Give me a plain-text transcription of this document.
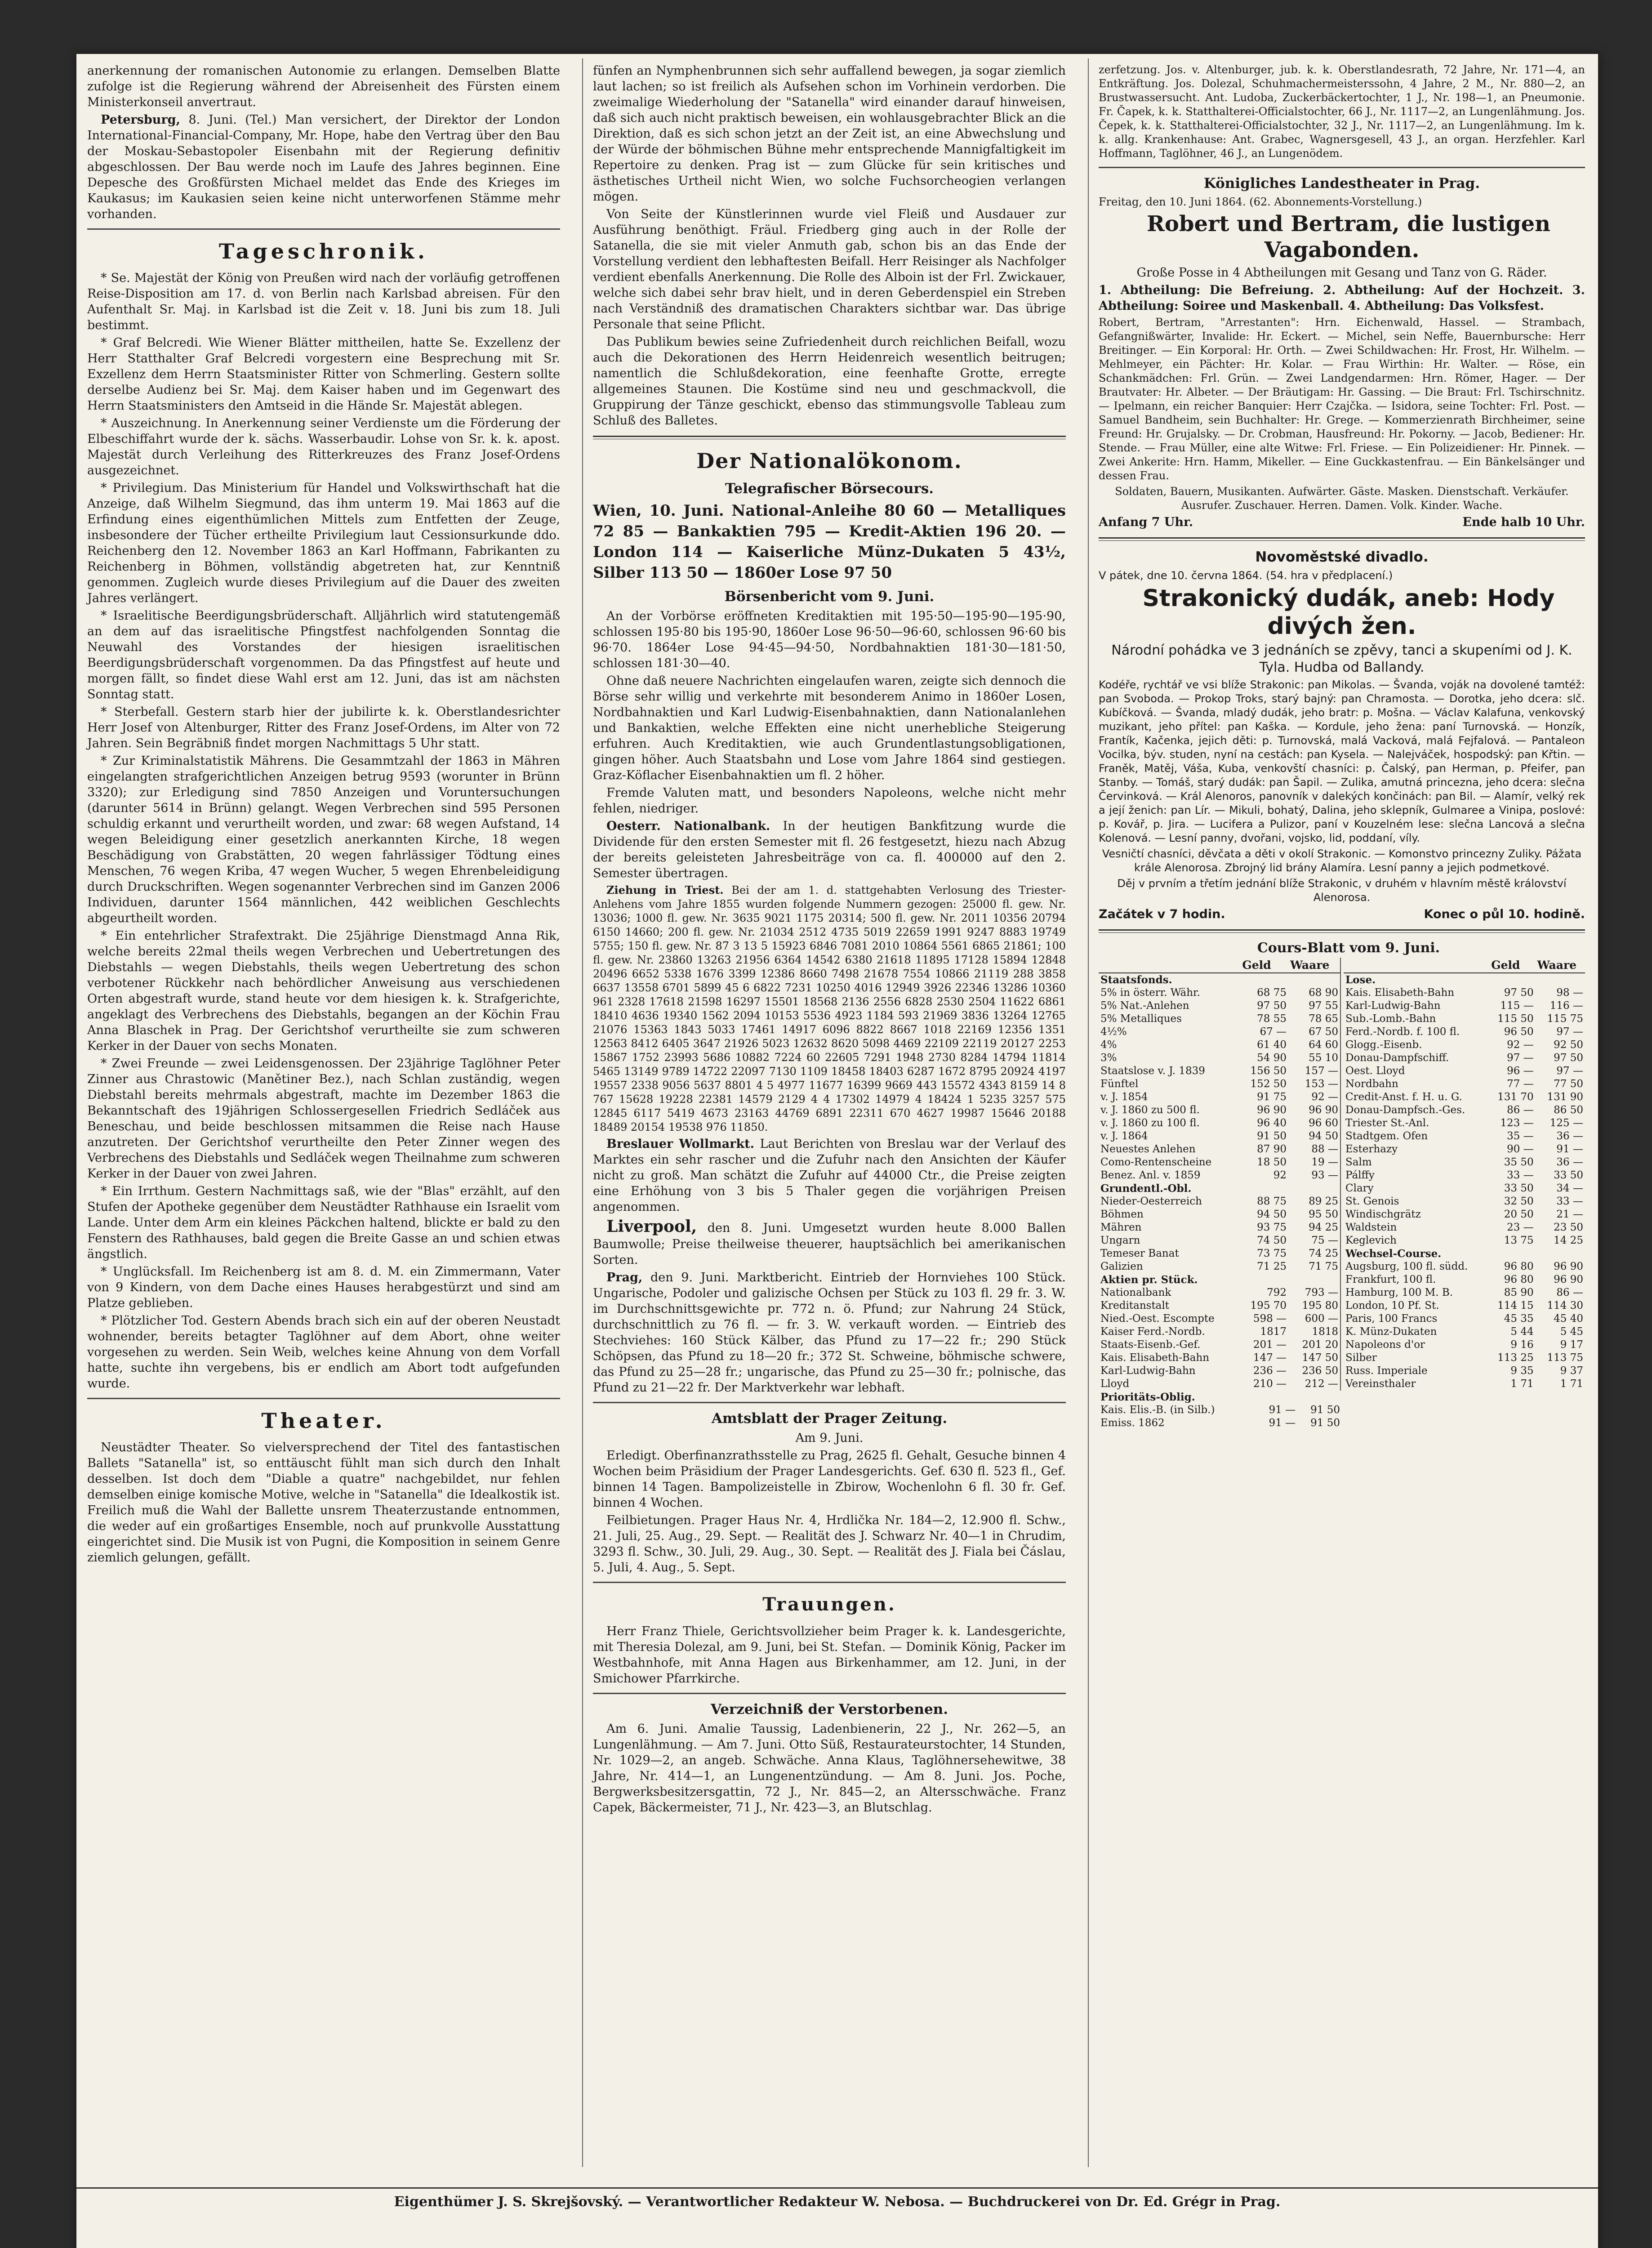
anerkennung der romanischen Autonomie zu erlangen. Demselben Blatte zufolge ist die Regierung während der Abreisenheit des Fürsten einem Ministerkonseil anvertraut.

Petersburg, 8. Juni. (Tel.) Man versichert, der Direktor der London International-Financial-Company, Mr. Hope, habe den Vertrag über den Bau der Moskau-Sebastopoler Eisenbahn mit der Regierung definitiv abgeschlossen. Der Bau werde noch im Laufe des Jahres beginnen. Eine Depesche des Großfürsten Michael meldet das Ende des Krieges im Kaukasus; im Kaukasien seien keine nicht unterworfenen Stämme mehr vorhanden.

Tageschronik.

* Se. Majestät der König von Preußen wird nach der vorläufig getroffenen Reise-Disposition am 17. d. von Berlin nach Karlsbad abreisen. Für den Aufenthalt Sr. Maj. in Karlsbad ist die Zeit v. 18. Juni bis zum 18. Juli bestimmt.

* Graf Belcredi. Wie Wiener Blätter mittheilen, hatte Se. Exzellenz der Herr Statthalter Graf Belcredi vorgestern eine Besprechung mit Sr. Exzellenz dem Herrn Staatsminister Ritter von Schmerling. Gestern sollte derselbe Audienz bei Sr. Maj. dem Kaiser haben und im Gegenwart des Herrn Staatsministers den Amtseid in die Hände Sr. Majestät ablegen.

* Auszeichnung. In Anerkennung seiner Verdienste um die Förderung der Elbeschiffahrt wurde der k. sächs. Wasserbaudir. Lohse von Sr. k. k. apost. Majestät durch Verleihung des Ritterkreuzes des Franz Josef-Ordens ausgezeichnet.

* Privilegium. Das Ministerium für Handel und Volkswirthschaft hat die Anzeige, daß Wilhelm Siegmund, das ihm unterm 19. Mai 1863 auf die Erfindung eines eigenthümlichen Mittels zum Entfetten der Zeuge, insbesondere der Tücher ertheilte Privilegium laut Cessionsurkunde ddo. Reichenberg den 12. November 1863 an Karl Hoffmann, Fabrikanten zu Reichenberg in Böhmen, vollständig abgetreten hat, zur Kenntniß genommen. Zugleich wurde dieses Privilegium auf die Dauer des zweiten Jahres verlängert.

* Israelitische Beerdigungsbrüderschaft. Alljährlich wird statutengemäß an dem auf das israelitische Pfingstfest nachfolgenden Sonntag die Neuwahl des Vorstandes der hiesigen israelitischen Beerdigungsbrüderschaft vorgenommen. Da das Pfingstfest auf heute und morgen fällt, so findet diese Wahl erst am 12. Juni, das ist am nächsten Sonntag statt.

* Sterbefall. Gestern starb hier der jubilirte k. k. Oberstlandesrichter Herr Josef von Altenburger, Ritter des Franz Josef-Ordens, im Alter von 72 Jahren. Sein Begräbniß findet morgen Nachmittags 5 Uhr statt.

* Zur Kriminalstatistik Mährens. Die Gesammtzahl der 1863 in Mähren eingelangten strafgerichtlichen Anzeigen betrug 9593 (worunter in Brünn 3320); zur Erledigung sind 7850 Anzeigen und Voruntersuchungen (darunter 5614 in Brünn) gelangt. Wegen Verbrechen sind 595 Personen schuldig erkannt und verurtheilt worden, und zwar: 68 wegen Aufstand, 14 wegen Beleidigung einer gesetzlich anerkannten Kirche, 18 wegen Beschädigung von Grabstätten, 20 wegen fahrlässiger Tödtung eines Menschen, 76 wegen Kriba, 47 wegen Wucher, 5 wegen Ehrenbeleidigung durch Druckschriften. Wegen sogenannter Verbrechen sind im Ganzen 2006 Individuen, darunter 1564 männlichen, 442 weiblichen Geschlechts abgeurtheilt worden.

* Ein entehrlicher Strafextrakt. Die 25jährige Dienstmagd Anna Rik, welche bereits 22mal theils wegen Verbrechen und Uebertretungen des Diebstahls — wegen Diebstahls, theils wegen Uebertretung des schon verbotener Rückkehr nach behördlicher Anweisung aus verschiedenen Orten abgestraft wurde, stand heute vor dem hiesigen k. k. Strafgerichte, angeklagt des Verbrechens des Diebstahls, begangen an der Köchin Frau Anna Blaschek in Prag. Der Gerichtshof verurtheilte sie zum schweren Kerker in der Dauer von sechs Monaten.

* Zwei Freunde — zwei Leidensgenossen. Der 23jährige Taglöhner Peter Zinner aus Chrastowic (Manětiner Bez.), nach Schlan zuständig, wegen Diebstahl bereits mehrmals abgestraft, machte im Dezember 1863 die Bekanntschaft des 19jährigen Schlossergesellen Friedrich Sedláček aus Beneschau, und beide beschlossen mitsammen die Reise nach Hause anzutreten. Der Gerichtshof verurtheilte den Peter Zinner wegen des Verbrechens des Diebstahls und Sedláček wegen Theilnahme zum schweren Kerker in der Dauer von zwei Jahren.

* Ein Irrthum. Gestern Nachmittags saß, wie der "Blas" erzählt, auf den Stufen der Apotheke gegenüber dem Neustädter Rathhause ein Israelit vom Lande. Unter dem Arm ein kleines Päckchen haltend, blickte er bald zu den Fenstern des Rathhauses, bald gegen die Breite Gasse an und schien etwas ängstlich.

* Unglücksfall. Im Reichenberg ist am 8. d. M. ein Zimmermann, Vater von 9 Kindern, von dem Dache eines Hauses herabgestürzt und sind am Platze geblieben.

* Plötzlicher Tod. Gestern Abends brach sich ein auf der oberen Neustadt wohnender, bereits betagter Taglöhner auf dem Abort, ohne weiter vorgesehen zu werden. Sein Weib, welches keine Ahnung von dem Vorfall hatte, suchte ihn vergebens, bis er endlich am Abort todt aufgefunden wurde.

Theater.

Neustädter Theater. So vielversprechend der Titel des fantastischen Ballets "Satanella" ist, so enttäuscht fühlt man sich durch den Inhalt desselben. Ist doch dem "Diable a quatre" nachgebildet, nur fehlen demselben einige komische Motive, welche in "Satanella" die Idealkostik ist. Freilich muß die Wahl der Ballette unsrem Theaterzustande entnommen, die weder auf ein großartiges Ensemble, noch auf prunkvolle Ausstattung eingerichtet sind. Die Musik ist von Pugni, die Komposition in seinem Genre ziemlich gelungen, gefällt.

fünfen an Nymphenbrunnen sich sehr auffallend bewegen, ja sogar ziemlich laut lachen; so ist freilich als Aufsehen schon im Vorhinein verdorben. Die zweimalige Wiederholung der "Satanella" wird einander darauf hinweisen, daß sich auch nicht praktisch beweisen, ein wohlausgebrachter Blick an die Direktion, daß es sich schon jetzt an der Zeit ist, an eine Abwechslung und der Würde der böhmischen Bühne mehr entsprechende Mannigfaltigkeit im Repertoire zu denken. Prag ist — zum Glücke für sein kritisches und ästhetisches Urtheil nicht Wien, wo solche Fuchsorcheogien verlangen mögen.

Von Seite der Künstlerinnen wurde viel Fleiß und Ausdauer zur Ausführung benöthigt. Fräul. Friedberg ging auch in der Rolle der Satanella, die sie mit vieler Anmuth gab, schon bis an das Ende der Vorstellung verdient den lebhaftesten Beifall. Herr Reisinger als Nachfolger verdient ebenfalls Anerkennung. Die Rolle des Alboin ist der Frl. Zwickauer, welche sich dabei sehr brav hielt, und in deren Geberdenspiel ein Streben nach Verständniß des dramatischen Charakters sichtbar war. Das übrige Personale that seine Pflicht.

Das Publikum bewies seine Zufriedenheit durch reichlichen Beifall, wozu auch die Dekorationen des Herrn Heidenreich wesentlich beitrugen; namentlich die Schlußdekoration, eine feenhafte Grotte, erregte allgemeines Staunen. Die Kostüme sind neu und geschmackvoll, die Gruppirung der Tänze geschickt, ebenso das stimmungsvolle Tableau zum Schluß des Balletes.

Der Nationalökonom.
Telegrafischer Börsecours.

Wien, 10. Juni. National-Anleihe 80 60 — Metalliques 72 85 — Bankaktien 795 — Kredit-Aktien 196 20. — London 114 — Kaiserliche Münz-Dukaten 5 43½, Silber 113 50 — 1860er Lose 97 50

Börsenbericht vom 9. Juni.

An der Vorbörse eröffneten Kreditaktien mit 195·50—195·90—195·90, schlossen 195·80 bis 195·90, 1860er Lose 96·50—96·60, schlossen 96·60 bis 96·70. 1864er Lose 94·45—94·50, Nordbahnaktien 181·30—181·50, schlossen 181·30—40.

Ohne daß neuere Nachrichten eingelaufen waren, zeigte sich dennoch die Börse sehr willig und verkehrte mit besonderem Animo in 1860er Losen, Nordbahnaktien und Karl Ludwig-Eisenbahnaktien, dann Nationalanlehen und Bankaktien, welche Effekten eine nicht unerhebliche Steigerung erfuhren. Auch Kreditaktien, wie auch Grundentlastungsobligationen, gingen höher. Auch Staatsbahn und Lose vom Jahre 1864 sind gestiegen. Graz-Köflacher Eisenbahnaktien um fl. 2 höher.

Fremde Valuten matt, und besonders Napoleons, welche nicht mehr fehlen, niedriger.

Oesterr. Nationalbank. In der heutigen Bankfitzung wurde die Dividende für den ersten Semester mit fl. 26 festgesetzt, hiezu nach Abzug der bereits geleisteten Jahresbeiträge von ca. fl. 400000 auf den 2. Semester übertragen.

Ziehung in Triest. Bei der am 1. d. stattgehabten Verlosung des Triester-Anlehens vom Jahre 1855 wurden folgende Nummern gezogen: 25000 fl. gew. Nr. 13036; 1000 fl. gew. Nr. 3635 9021 1175 20314; 500 fl. gew. Nr. 2011 10356 20794 6150 14660; 200 fl. gew. Nr. 21034 2512 4735 5019 22659 1991 9247 8883 19749 5755; 150 fl. gew. Nr. 87 3 13 5 15923 6846 7081 2010 10864 5561 6865 21861; 100 fl. gew. Nr. 23860 13263 21956 6364 14542 6380 21618 11895 17128 15894 12848 20496 6652 5338 1676 3399 12386 8660 7498 21678 7554 10866 21119 288 3858 6637 13558 6701 5899 45 6 6822 7231 10250 4016 12949 3926 22346 13286 10360 961 2328 17618 21598 16297 15501 18568 2136 2556 6828 2530 2504 11622 6861 18410 4636 19340 1562 2094 10153 5536 4923 1184 593 21969 3836 13264 12765 21076 15363 1843 5033 17461 14917 6096 8822 8667 1018 22169 12356 1351 12563 8412 6405 3647 21926 5023 12632 8620 5098 4469 22109 22119 20127 2253 15867 1752 23993 5686 10882 7224 60 22605 7291 1948 2730 8284 14794 11814 5465 13149 9789 14722 22097 7130 1109 18458 18403 6287 1672 8795 20924 4197 19557 2338 9056 5637 8801 4 5 4977 11677 16399 9669 443 15572 4343 8159 14 8 767 15628 19228 22381 14579 2129 4 4 17302 14979 4 18424 1 5235 3257 575 12845 6117 5419 4673 23163 44769 6891 22311 670 4627 19987 15646 20188 18489 20154 19538 976 11850.

Breslauer Wollmarkt. Laut Berichten von Breslau war der Verlauf des Marktes ein sehr rascher und die Zufuhr nach den Ansichten der Käufer nicht zu groß. Man schätzt die Zufuhr auf 44000 Ctr., die Preise zeigten eine Erhöhung von 3 bis 5 Thaler gegen die vorjährigen Preisen angenommen.

Liverpool, den 8. Juni. Umgesetzt wurden heute 8.000 Ballen Baumwolle; Preise theilweise theuerer, hauptsächlich bei amerikanischen Sorten.

Prag, den 9. Juni. Marktbericht. Eintrieb der Hornviehes 100 Stück. Ungarische, Podoler und galizische Ochsen per Stück zu 103 fl. 29 fr. 3. W. im Durchschnittsgewichte pr. 772 n. ö. Pfund; zur Nahrung 24 Stück, durchschnittlich zu 76 fl. — fr. 3. W. verkauft worden. — Eintrieb des Stechviehes: 160 Stück Kälber, das Pfund zu 17—22 fr.; 290 Stück Schöpsen, das Pfund zu 18—20 fr.; 372 St. Schweine, böhmische schwere, das Pfund zu 25—28 fr.; ungarische, das Pfund zu 25—30 fr.; polnische, das Pfund zu 21—22 fr. Der Marktverkehr war lebhaft.

Amtsblatt der Prager Zeitung.

Am 9. Juni.

Erledigt. Oberfinanzrathsstelle zu Prag, 2625 fl. Gehalt, Gesuche binnen 4 Wochen beim Präsidium der Prager Landesgerichts. Gef. 630 fl. 523 fl., Gef. binnen 14 Tagen. Bampolizeistelle in Zbirow, Wochenlohn 6 fl. 30 fr. Gef. binnen 4 Wochen.

Feilbietungen. Prager Haus Nr. 4, Hrdlička Nr. 184—2, 12.900 fl. Schw., 21. Juli, 25. Aug., 29. Sept. — Realität des J. Schwarz Nr. 40—1 in Chrudim, 3293 fl. Schw., 30. Juli, 29. Aug., 30. Sept. — Realität des J. Fiala bei Čáslau, 5. Juli, 4. Aug., 5. Sept.

Trauungen.

Herr Franz Thiele, Gerichtsvollzieher beim Prager k. k. Landesgerichte, mit Theresia Dolezal, am 9. Juni, bei St. Stefan. — Dominik König, Packer im Westbahnhofe, mit Anna Hagen aus Birkenhammer, am 12. Juni, in der Smichower Pfarrkirche.

Verzeichniß der Verstorbenen.

Am 6. Juni. Amalie Taussig, Ladenbienerin, 22 J., Nr. 262—5, an Lungenlähmung. — Am 7. Juni. Otto Süß, Restaurateurstochter, 14 Stunden, Nr. 1029—2, an angeb. Schwäche. Anna Klaus, Taglöhnersehewitwe, 38 Jahre, Nr. 414—1, an Lungenentzündung. — Am 8. Juni. Jos. Poche, Bergwerksbesitzersgattin, 72 J., Nr. 845—2, an Altersschwäche. Franz Capek, Bäckermeister, 71 J., Nr. 423—3, an Blutschlag.

zerfetzung. Jos. v. Altenburger, jub. k. k. Oberstlandesrath, 72 Jahre, Nr. 171—4, an Entkräftung. Jos. Dolezal, Schuhmachermeisterssohn, 4 Jahre, 2 M., Nr. 880—2, an Brustwassersucht. Ant. Ludoba, Zuckerbäckertochter, 1 J., Nr. 198—1, an Pneumonie. Fr. Čapek, k. k. Statthalterei-Officialstochter, 66 J., Nr. 1117—2, an Lungenlähmung. Jos. Čepek, k. k. Statthalterei-Officialstochter, 32 J., Nr. 1117—2, an Lungenlähmung. Im k. k. allg. Krankenhause: Ant. Grabec, Wagnersgesell, 43 J., an organ. Herzfehler. Karl Hoffmann, Taglöhner, 46 J., an Lungenödem.

Königliches Landestheater in Prag.

Freitag, den 10. Juni 1864. (62. Abonnements-Vorstellung.)

Robert und Bertram, die lustigen Vagabonden.

Große Posse in 4 Abtheilungen mit Gesang und Tanz von G. Räder.

1. Abtheilung: Die Befreiung. 2. Abtheilung: Auf der Hochzeit. 3. Abtheilung: Soiree und Maskenball. 4. Abtheilung: Das Volksfest.

Robert, Bertram, "Arrestanten": Hrn. Eichenwald, Hassel. — Strambach, Gefangnißwärter, Invalide: Hr. Eckert. — Michel, sein Neffe, Bauernbursche: Herr Breitinger. — Ein Korporal: Hr. Orth. — Zwei Schildwachen: Hr. Frost, Hr. Wilhelm. — Mehlmeyer, ein Pächter: Hr. Kolar. — Frau Wirthin: Hr. Walter. — Röse, ein Schankmädchen: Frl. Grün. — Zwei Landgendarmen: Hrn. Römer, Hager. — Der Brautvater: Hr. Albeter. — Der Bräutigam: Hr. Gassing. — Die Braut: Frl. Tschirschnitz. — Ipelmann, ein reicher Banquier: Herr Czajčka. — Isidora, seine Tochter: Frl. Post. — Samuel Bandheim, sein Buchhalter: Hr. Grege. — Kommerzienrath Birchheimer, seine Freund: Hr. Grujalsky. — Dr. Crobman, Hausfreund: Hr. Pokorny. — Jacob, Bediener: Hr. Stende. — Frau Müller, eine alte Witwe: Frl. Friese. — Ein Polizeidiener: Hr. Pinnek. — Zwei Ankerite: Hrn. Hamm, Mikeller. — Eine Guckkastenfrau. — Ein Bänkelsänger und dessen Frau.

Soldaten, Bauern, Musikanten. Aufwärter. Gäste. Masken. Dienstschaft. Verkäufer. Ausrufer. Zuschauer. Herren. Damen. Volk. Kinder. Wache.

Anfang 7 Uhr.	Ende halb 10 Uhr.
Novoměstské divadlo.

V pátek, dne 10. června 1864. (54. hra v předplacení.)

Strakonický dudák, aneb: Hody divých žen.

Národní pohádka ve 3 jednáních se zpěvy, tanci a skupeními od J. K. Tyla. Hudba od Ballandy.

Kodéře, rychtář ve vsi blíže Strakonic: pan Mikolas. — Švanda, voják na dovolené tamtéž: pan Svoboda. — Prokop Troks, starý bajný: pan Chramosta. — Dorotka, jeho dcera: slč. Kubíčková. — Švanda, mladý dudák, jeho bratr: p. Mošna. — Václav Kalafuna, venkovský muzikant, jeho přítel: pan Kaška. — Kordule, jeho žena: paní Turnovská. — Honzík, Frantík, Kačenka, jejich děti: p. Turnovská, malá Vacková, malá Fejfalová. — Pantaleon Vocilka, býv. studen, nyní na cestách: pan Kysela. — Nalejváček, hospodský: pan Křtin. — Franěk, Matěj, Váša, Kuba, venkovští chasníci: p. Čalský, pan Herman, p. Pfeifer, pan Stanby. — Tomáš, starý dudák: pan Šapil. — Zulika, amutná princezna, jeho dcera: slečna Červinková. — Král Alenoros, panovník v dalekých končinách: pan Bil. — Alamír, velký rek a její ženich: pan Lír. — Mikuli, bohatý, Dalina, jeho sklepník, Gulmaree a Vinipa, poslové: p. Kovář, p. Jira. — Lucifera a Pulizor, paní v Kouzelném lese: slečna Lancová a slečna Kolenová. — Lesní panny, dvořani, vojsko, lid, poddaní, víly.

Vesničtí chasníci, děvčata a děti v okolí Strakonic. — Komonstvo princezny Zuliky. Pážata krále Alenorosa. Zbrojný lid brány Alamíra. Lesní panny a jejich podmetkové.

Děj v prvním a třetím jednání blíže Strakonic, v druhém v hlavním městě království Alenorosa.

Začátek v 7 hodin.	Konec o půl 10. hodině.

Cours-Blatt vom 9. Juni.

	Geld	Waare
Staatsfonds.		
5% in österr. Währ.	68 75	68 90
5% Nat.-Anlehen	97 50	97 55
5% Metalliques	78 55	78 65
4½%	67 —	67 50
4%	61 40	64 60
3%	54 90	55 10
Staatslose v. J. 1839	156 50	157 —
Fünftel	152 50	153 —
v. J. 1854	91 75	92 —
v. J. 1860 zu 500 fl.	96 90	96 90
v. J. 1860 zu 100 fl.	96 40	96 60
v. J. 1864	91 50	94 50
Neuestes Anlehen	87 90	88 —
Como-Rentenscheine	18 50	19 —
Benez. Anl. v. 1859	92	93 —
Grundentl.-Obl.		
Nieder-Oesterreich	88 75	89 25
Böhmen	94 50	95 50
Mähren	93 75	94 25
Ungarn	74 50	75 —
Temeser Banat	73 75	74 25
Galizien	71 25	71 75
Aktien pr. Stück.		
Nationalbank	792	793 —
Kreditanstalt	195 70	195 80
Nied.-Oest. Escompte	598 —	600 —
Kaiser Ferd.-Nordb.	1817	1818
Staats-Eisenb.-Gef.	201 —	201 20
Kais. Elisabeth-Bahn	147 —	147 50
Karl-Ludwig-Bahn	236 —	236 50
Lloyd	210 —	212 —
	Geld	Waare
Lose.		
Kais. Elisabeth-Bahn	97 50	98 —
Karl-Ludwig-Bahn	115 —	116 —
Sub.-Lomb.-Bahn	115 50	115 75
Ferd.-Nordb. f. 100 fl.	96 50	97 —
Glogg.-Eisenb.	92 —	92 50
Donau-Dampfschiff.	97 —	97 50
Oest. Lloyd	96 —	97 —
Nordbahn	77 —	77 50
Credit-Anst. f. H. u. G.	131 70	131 90
Donau-Dampfsch.-Ges.	86 —	86 50
Triester St.-Anl.	123 —	125 —
Stadtgem. Ofen	35 —	36 —
Esterhazy	90 —	91 —
Salm	35 50	36 —
Pálffy	33 —	33 50
Clary	33 50	34 —
St. Genois	32 50	33 —
Windischgrätz	20 50	21 —
Waldstein	23 —	23 50
Keglevich	13 75	14 25
Wechsel-Course.		
Augsburg, 100 fl. südd.	96 80	96 90
Frankfurt, 100 fl.	96 80	96 90
Hamburg, 100 M. B.	85 90	86 —
London, 10 Pf. St.	114 15	114 30
Paris, 100 Francs	45 35	45 40
K. Münz-Dukaten	5 44	5 45
Napoleons d'or	9 16	9 17
Silber	113 25	113 75
Russ. Imperiale	9 35	9 37
Vereinsthaler	1 71	1 71
Prioritäts-Oblig.		
Kais. Elis.-B. (in Silb.)	91 —	91 50
Emiss. 1862	91 —	91 50
Eigenthümer J. S. Skrejšovský. — Verantwortlicher Redakteur W. Nebosa. — Buchdruckerei von Dr. Ed. Grégr in Prag.
